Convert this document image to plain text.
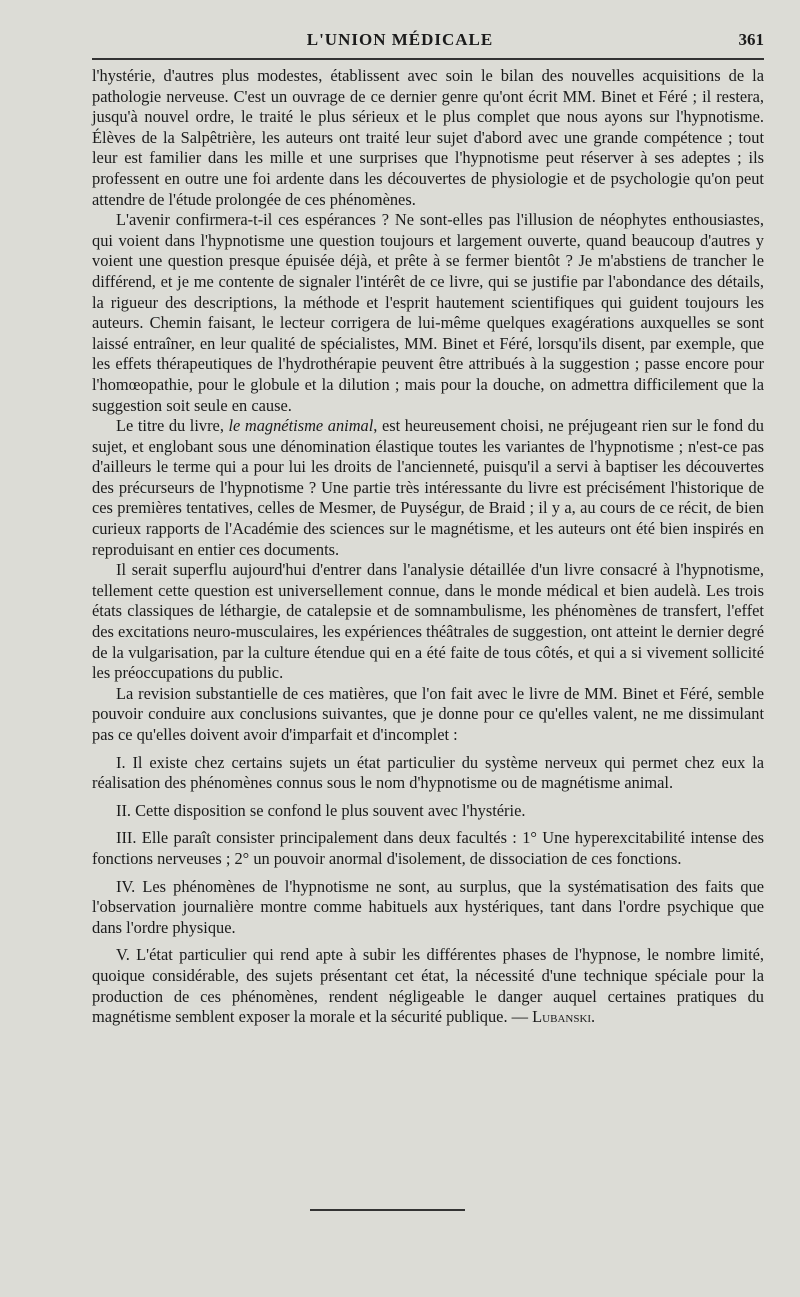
L'UNION MÉDICALE	361

l'hystérie, d'autres plus modestes, établissent avec soin le bilan des nouvelles acquisitions de la pathologie nerveuse. C'est un ouvrage de ce dernier genre qu'ont écrit MM. Binet et Féré ; il restera, jusqu'à nouvel ordre, le traité le plus sérieux et le plus complet que nous ayons sur l'hypnotisme. Élèves de la Salpêtrière, les auteurs ont traité leur sujet d'abord avec une grande compétence ; tout leur est familier dans les mille et une surprises que l'hypnotisme peut réserver à ses adeptes ; ils professent en outre une foi ardente dans les découvertes de physiologie et de psychologie qu'on peut attendre de l'étude prolongée de ces phénomènes.

L'avenir confirmera-t-il ces espérances ? Ne sont-elles pas l'illusion de néophytes enthousiastes, qui voient dans l'hypnotisme une question toujours et largement ouverte, quand beaucoup d'autres y voient une question presque épuisée déjà, et prête à se fermer bientôt ? Je m'abstiens de trancher le différend, et je me contente de signaler l'intérêt de ce livre, qui se justifie par l'abondance des détails, la rigueur des descriptions, la méthode et l'esprit hautement scientifiques qui guident toujours les auteurs. Chemin faisant, le lecteur corrigera de lui-même quelques exagérations auxquelles se sont laissé entraîner, en leur qualité de spécialistes, MM. Binet et Féré, lorsqu'ils disent, par exemple, que les effets thérapeutiques de l'hydrothérapie peuvent être attribués à la suggestion ; passe encore pour l'homœopathie, pour le globule et la dilution ; mais pour la douche, on admettra difficilement que la suggestion soit seule en cause.

Le titre du livre, le magnétisme animal, est heureusement choisi, ne préjugeant rien sur le fond du sujet, et englobant sous une dénomination élastique toutes les variantes de l'hypnotisme ; n'est-ce pas d'ailleurs le terme qui a pour lui les droits de l'ancienneté, puisqu'il a servi à baptiser les découvertes des précurseurs de l'hypnotisme ? Une partie très intéressante du livre est précisément l'historique de ces premières tentatives, celles de Mesmer, de Puységur, de Braid ; il y a, au cours de ce récit, de bien curieux rapports de l'Académie des sciences sur le magnétisme, et les auteurs ont été bien inspirés en reproduisant en entier ces documents.

Il serait superflu aujourd'hui d'entrer dans l'analysie détaillée d'un livre consacré à l'hypnotisme, tellement cette question est universellement connue, dans le monde médical et bien audelà. Les trois états classiques de léthargie, de catalepsie et de somnambulisme, les phénomènes de transfert, l'effet des excitations neuro-musculaires, les expériences théâtrales de suggestion, ont atteint le dernier degré de la vulgarisation, par la culture étendue qui en a été faite de tous côtés, et qui a si vivement sollicité les préoccupations du public.

La revision substantielle de ces matières, que l'on fait avec le livre de MM. Binet et Féré, semble pouvoir conduire aux conclusions suivantes, que je donne pour ce qu'elles valent, ne me dissimulant pas ce qu'elles doivent avoir d'imparfait et d'incomplet :

I. Il existe chez certains sujets un état particulier du système nerveux qui permet chez eux la réalisation des phénomènes connus sous le nom d'hypnotisme ou de magnétisme animal.

II. Cette disposition se confond le plus souvent avec l'hystérie.

III. Elle paraît consister principalement dans deux facultés : 1° Une hyperexcitabilité intense des fonctions nerveuses ; 2° un pouvoir anormal d'isolement, de dissociation de ces fonctions.

IV. Les phénomènes de l'hypnotisme ne sont, au surplus, que la systématisation des faits que l'observation journalière montre comme habituels aux hystériques, tant dans l'ordre psychique que dans l'ordre physique.

V. L'état particulier qui rend apte à subir les différentes phases de l'hypnose, le nombre limité, quoique considérable, des sujets présentant cet état, la nécessité d'une technique spéciale pour la production de ces phénomènes, rendent négligeable le danger auquel certaines pratiques du magnétisme semblent exposer la morale et la sécurité publique. — Lubanski.
